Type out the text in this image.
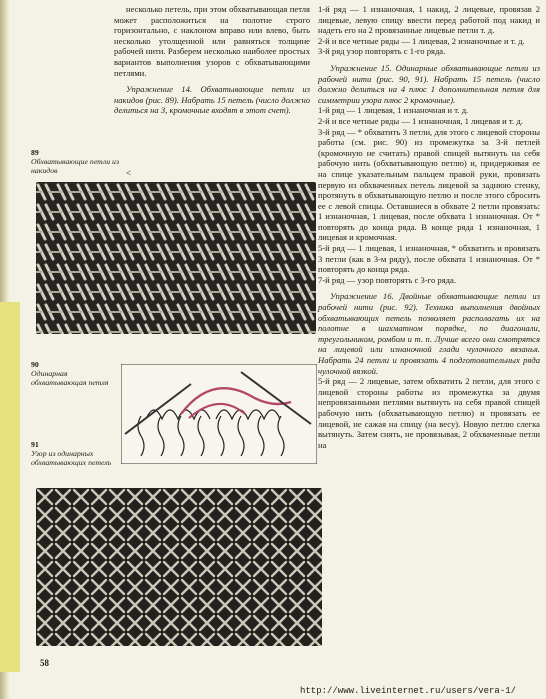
несколько петель, при этом обхватывающая петля может расположиться на полотне строго горизонтально, с наклоном вправо или влево, быть несколько утолщенной или равняться толщине рабочей нити. Разберем несколько наиболее простых вариантов выполнения узоров с обхватывающими петлями.

Упражнение 14. Обхватывающие петли из накидов (рис. 89). Набрать 15 петель (число должно делиться на 3, кромочные входят в этот счет).

<

1-й ряд — 1 изнаночная, 1 накид, 2 лицевые, провязав 2 лицевые, левую спицу ввести перед работой под накид и надеть его на 2 провязанные лицевые петли т. д.

2-й и все четные ряды — 1 лицевая, 2 изнаночные и т. д.

3-й ряд узор повторять с 1-го ряда.

Упражнение 15. Одинарные обхватывающие петли из рабочей нити (рис. 90, 91). Набрать 15 петель (число должно делиться на 4 плюс 1 дополнительная петля для симметрии узора плюс 2 кромочные).

1-й ряд — 1 лицевая, 1 изнаночная и т. д.

2-й и все четные ряды — 1 изнаночная, 1 лицевая и т. д.

3-й ряд — * обхватить 3 петли, для этого с лицевой стороны работы (см. рис. 90) из промежутка за 3-й петлей (кромочную не считать) правой спицей вытянуть на себя рабочую нить (обхватывающую петлю) и, придерживая ее на спице указательным пальцем правой руки, провязать первую из обхваченных петель лицевой за заднюю стенку, протянуть в обхватывающую петлю и после этого сбросить ее с левой спицы. Оставшиеся в обхвате 2 петли провязать: 1 изнаночная, 1 лицевая, после обхвата 1 изнаночная. От * повторять до конца ряда. В конце ряда 1 изнаночная, 1 лицевая и кромочная.

5-й ряд — 1 лицевая, 1 изнаночная, * обхватить и провязать 3 петли (как в 3-м ряду), после обхвата 1 изнаночная. От * повторять до конца ряда.

7-й ряд — узор повторять с 3-го ряда.

Упражнение 16. Двойные обхватывающие петли из рабочей нити (рис. 92). Техника выполнения двойных обхватывающих петель позволяет располагать их на полотне в шахматном порядке, по диагонали, треугольником, ромбом и т. п. Лучше всего они смотрятся на лицевой или изнаночной глади чулочного вязанья. Набрать 24 петли и провязать 4 подготовительных ряда чулочной вязкой.

5-й ряд — 2 лицевые, затем обхватить 2 петли, для этого с лицевой стороны работы из промежутка за двумя непровязанными петлями вытянуть на себя правой спицей рабочую нить (обхватывающую петлю) и провязать ее лицевой, не сажая на спицу (на весу). Новую петлю слегка вытянуть. Затем снять, не провязывая, 2 обхваченные петли на

89
Обхватывающие петли из накидов
90
Одинарная обхватывающая петля
91
Узор из одинарных обхватывающих петель
58
http://www.liveinternet.ru/users/vera-1/
